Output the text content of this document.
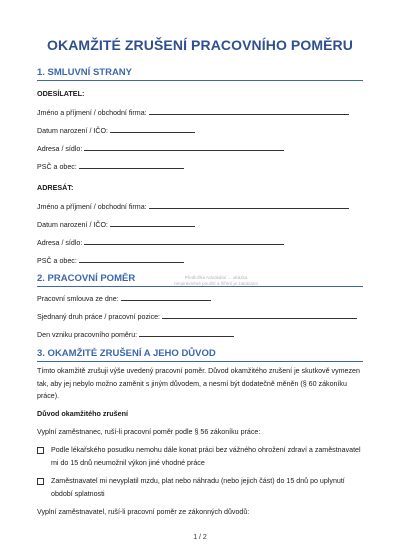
OKAMŽITÉ ZRUŠENÍ PRACOVNÍHO POMĚRU
1. SMLUVNÍ STRANY
ODESÍLATEL:
Jméno a příjmení / obchodní firma:
Datum narození / IČO:
Adresa / sídlo:
PSČ a obec:
ADRESÁT:
Jméno a příjmení / obchodní firma:
Datum narození / IČO:
Adresa / sídlo:
PSČ a obec:
2. PRACOVNÍ POMĚR	Předložka Advokátní ... ukázka
neoprávněné použití a šíření je zakázáno
Pracovní smlouva ze dne:
Sjednaný druh práce / pracovní pozice:
Den vzniku pracovního poměru:
3. OKAMŽITÉ ZRUŠENÍ A JEHO DŮVOD
Tímto okamžitě zrušuji výše uvedený pracovní poměr. Důvod okamžitého zrušení je skutkově vymezen tak, aby jej nebylo možno zaměnit s jiným důvodem, a nesmí být dodatečně měněn (§ 60 zákoníku práce).
Důvod okamžitého zrušení
Vyplní zaměstnanec, ruší-li pracovní poměr podle § 56 zákoníku práce:
Podle lékařského posudku nemohu dále konat práci bez vážného ohrožení zdraví a zaměstnavatel mi do 15 dnů neumožnil výkon jiné vhodné práce
Zaměstnavatel mi nevyplatil mzdu, plat nebo náhradu (nebo jejich část) do 15 dnů po uplynutí období splatnosti
Vyplní zaměstnavatel, ruší-li pracovní poměr ze zákonných důvodů:
1 / 2
